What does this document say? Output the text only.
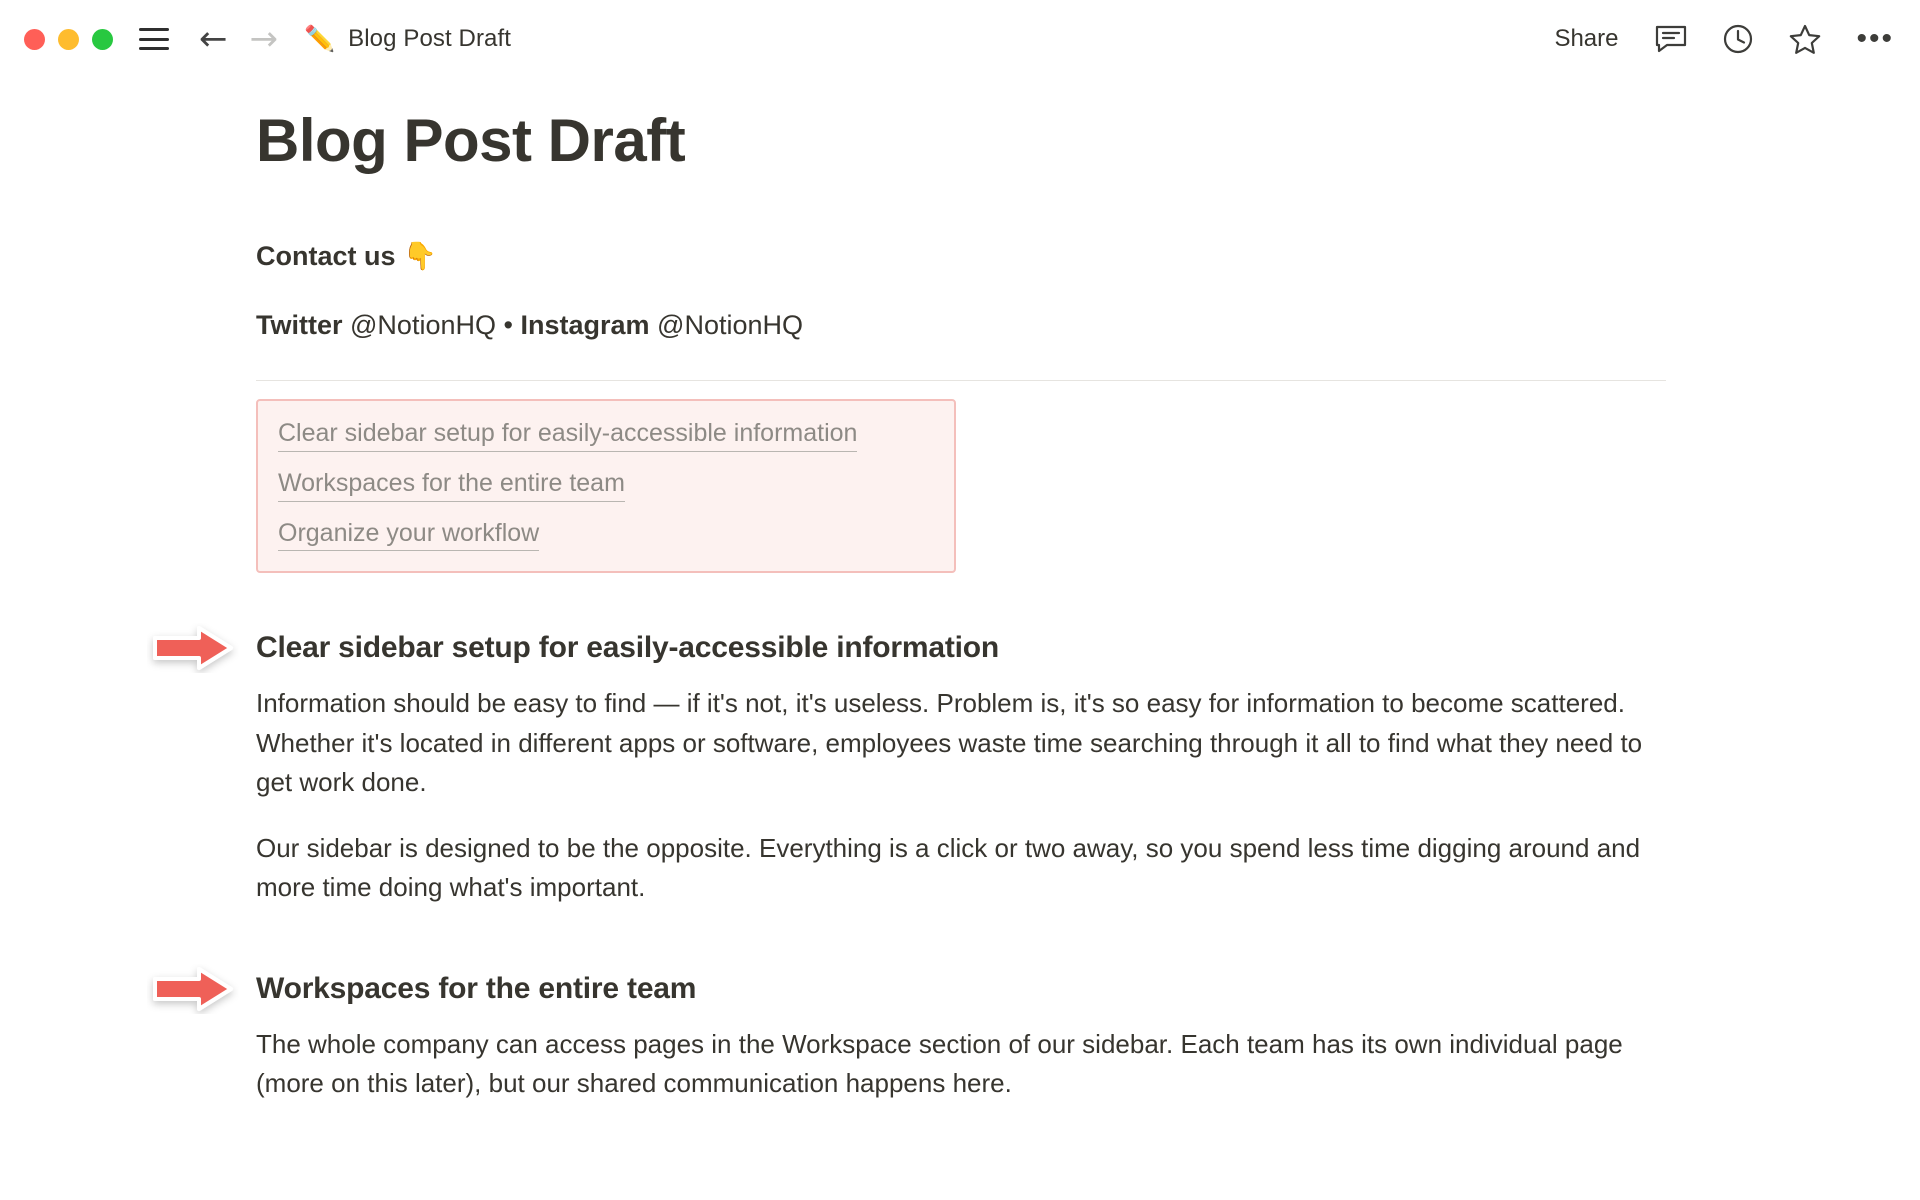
← → ✏️ Blog Post Draft	Share	•••
Blog Post Draft

Contact us 👇

Twitter @NotionHQ • Instagram @NotionHQ

Clear sidebar setup for easily-accessible information
Workspaces for the entire team
Organize your workflow
Clear sidebar setup for easily-accessible information

Information should be easy to find — if it's not, it's useless. Problem is, it's so easy for information to become scattered. Whether it's located in different apps or software, employees waste time searching through it all to find what they need to get work done.

Our sidebar is designed to be the opposite. Everything is a click or two away, so you spend less time digging around and more time doing what's important.

Workspaces for the entire team

The whole company can access pages in the Workspace section of our sidebar. Each team has its own individual page (more on this later), but our shared communication happens here.
